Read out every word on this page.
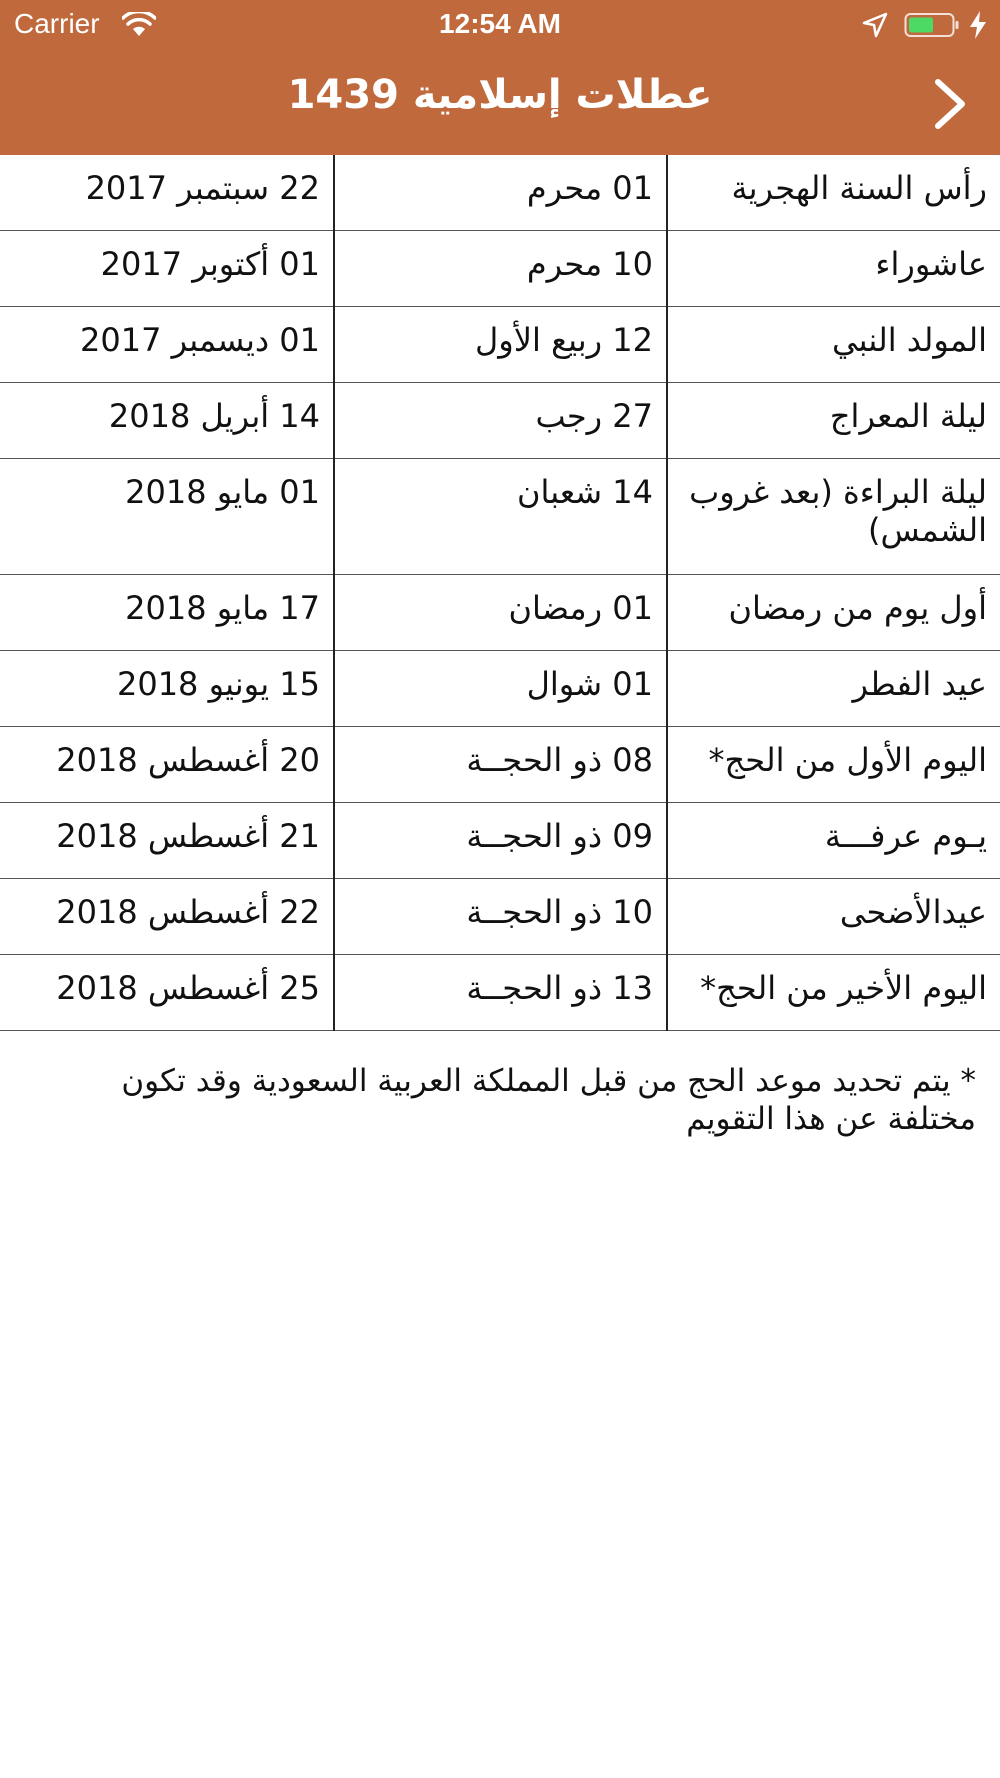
Carrier	12:54 AM
عطلات إسلامية 1439
رأس السنة الهجرية	01 محرم	22 سبتمبر 2017
عاشوراء	10 محرم	01 أكتوبر 2017
المولد النبي	12 ربيع الأول	01 ديسمبر 2017
ليلة المعراج	27 رجب	14 أبريل 2018
ليلة البراءة (بعد غروب الشمس)	14 شعبان	01 مايو 2018
أول يوم من رمضان	01 رمضان	17 مايو 2018
عيد الفطر	01 شوال	15 يونيو 2018
اليوم الأول من الحج*	08 ذو الحجــة	20 أغسطس 2018
يـوم عرفـــة	09 ذو الحجــة	21 أغسطس 2018
عيدالأضحى	10 ذو الحجــة	22 أغسطس 2018
اليوم الأخير من الحج*	13 ذو الحجــة	25 أغسطس 2018
* يتم تحديد موعد الحج من قبل المملكة العربية السعودية وقد تكون مختلفة عن هذا التقويم
